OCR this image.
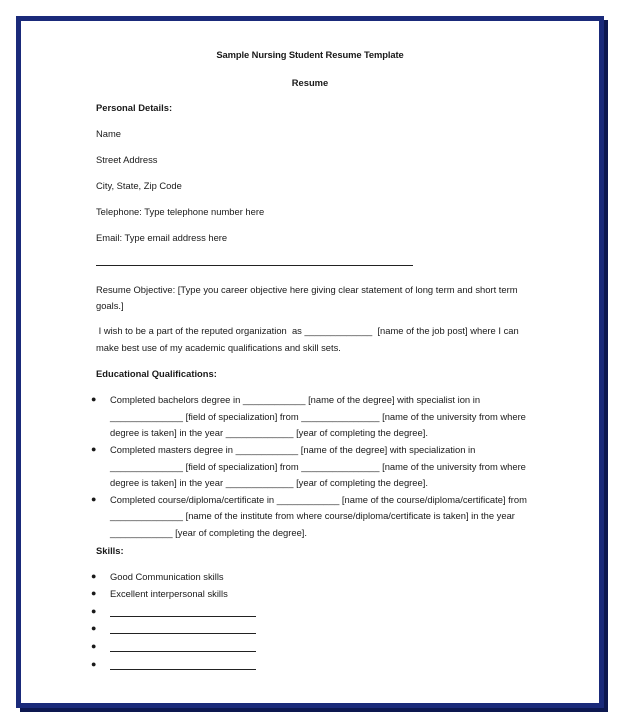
Sample Nursing Student Resume Template
Resume
Personal Details:
Name
Street Address
City, State, Zip Code
Telephone: Type telephone number here
Email: Type email address here
Resume Objective: [Type you career objective here giving clear statement of long term and short term
goals.]
I wish to be a part of the reputed organization  as _____________  [name of the job post] where I can
make best use of my academic qualifications and skill sets.
Educational Qualifications:
● Completed bachelors degree in ____________ [name of the degree] with specialist ion in
______________ [field of specialization] from _______________ [name of the university from where
degree is taken] in the year _____________ [year of completing the degree].
● Completed masters degree in ____________ [name of the degree] with specialization in
______________ [field of specialization] from _______________ [name of the university from where
degree is taken] in the year _____________ [year of completing the degree].
● Completed course/diploma/certificate in ____________ [name of the course/diploma/certificate] from
______________ [name of the institute from where course/diploma/certificate is taken] in the year
____________ [year of completing the degree].
Skills:
● Good Communication skills
● Excellent interpersonal skills
●
●
●
●
